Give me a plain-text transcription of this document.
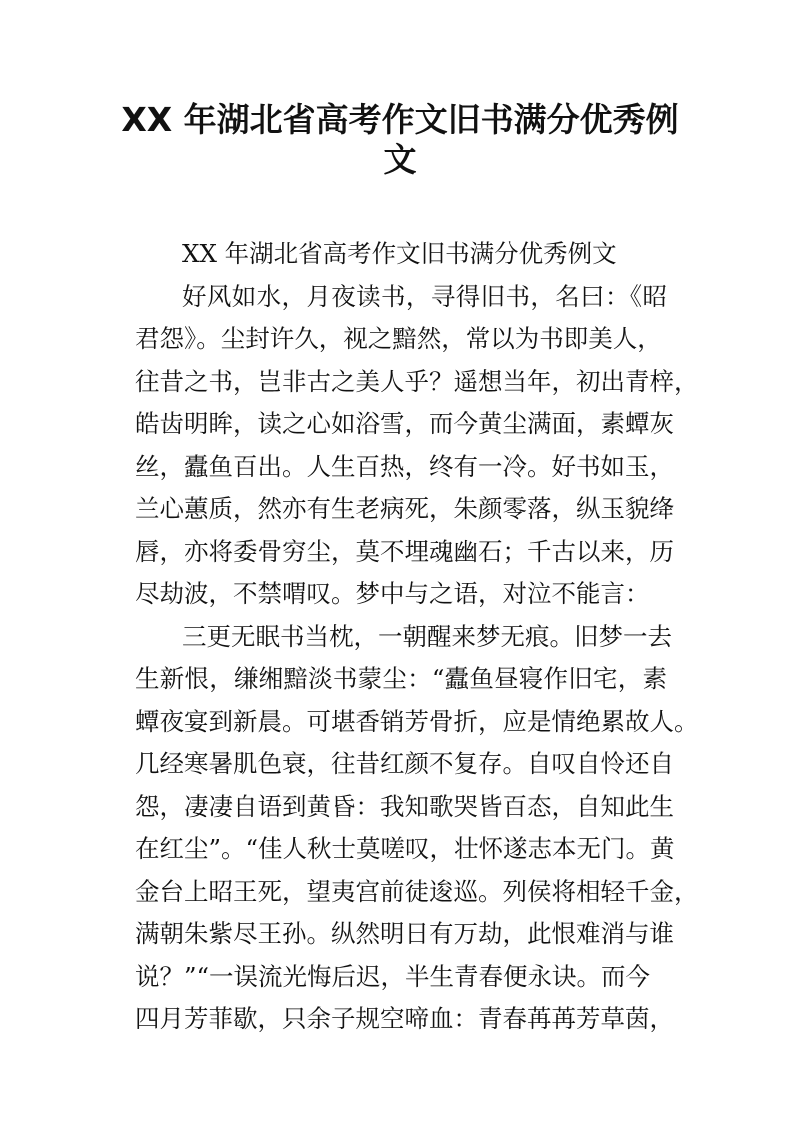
XX 年湖北省高考作文旧书满分优秀例
文
XX 年湖北省高考作文旧书满分优秀例文
好风如水，月夜读书，寻得旧书，名曰：《昭
君怨》。尘封许久，视之黯然，常以为书即美人，
往昔之书，岂非古之美人乎？遥想当年，初出青梓，
皓齿明眸，读之心如浴雪，而今黄尘满面，素蟫灰
丝，蠹鱼百出。人生百热，终有一冷。好书如玉，
兰心蕙质，然亦有生老病死，朱颜零落，纵玉貌绛
唇，亦将委骨穷尘，莫不埋魂幽石；千古以来，历
尽劫波，不禁喟叹。梦中与之语，对泣不能言：
三更无眠书当枕，一朝醒来梦无痕。旧梦一去
生新恨，缣缃黯淡书蒙尘：“蠹鱼昼寝作旧宅，素
蟫夜宴到新晨。可堪香销芳骨折，应是情绝累故人。
几经寒暑肌色衰，往昔红颜不复存。自叹自怜还自
怨，凄凄自语到黄昏：我知歌哭皆百态，自知此生
在红尘”。“佳人秋士莫嗟叹，壮怀遂志本无门。黄
金台上昭王死，望夷宫前徒逡巡。列侯将相轻千金，
满朝朱紫尽王孙。纵然明日有万劫，此恨难消与谁
说？”“一误流光悔后迟，半生青春便永诀。而今
四月芳菲歇，只余子规空啼血：青春苒苒芳草茵，
